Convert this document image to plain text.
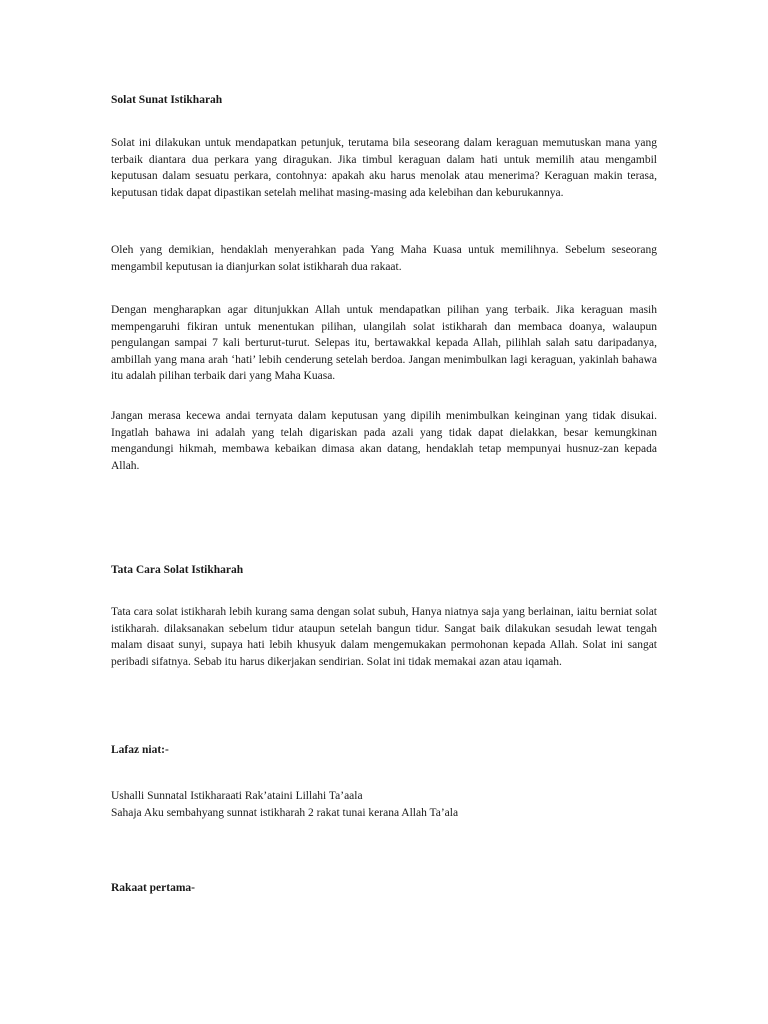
Solat Sunat Istikharah
Solat ini dilakukan untuk mendapatkan petunjuk, terutama bila seseorang dalam keraguan memutuskan mana yang terbaik diantara dua perkara yang diragukan. Jika timbul keraguan dalam hati untuk memilih atau mengambil keputusan dalam sesuatu perkara, contohnya: apakah aku harus menolak atau menerima? Keraguan makin terasa, keputusan tidak dapat dipastikan setelah melihat masing-masing ada kelebihan dan keburukannya.
Oleh yang demikian, hendaklah menyerahkan pada Yang Maha Kuasa untuk memilihnya. Sebelum seseorang mengambil keputusan ia dianjurkan solat istikharah dua rakaat.
Dengan mengharapkan agar ditunjukkan Allah untuk mendapatkan pilihan yang terbaik. Jika keraguan masih mempengaruhi fikiran untuk menentukan pilihan, ulangilah solat istikharah dan membaca doanya, walaupun pengulangan sampai 7 kali berturut-turut. Selepas itu, bertawakkal kepada Allah, pilihlah salah satu daripadanya, ambillah yang mana arah ‘hati’ lebih cenderung setelah berdoa. Jangan menimbulkan lagi keraguan, yakinlah bahawa itu adalah pilihan terbaik dari yang Maha Kuasa.
Jangan merasa kecewa andai ternyata dalam keputusan yang dipilih menimbulkan keinginan yang tidak disukai. Ingatlah bahawa ini adalah yang telah digariskan pada azali yang tidak dapat dielakkan, besar kemungkinan mengandungi hikmah, membawa kebaikan dimasa akan datang, hendaklah tetap mempunyai husnuz-zan kepada Allah.
Tata Cara Solat Istikharah
Tata cara solat istikharah lebih kurang sama dengan solat subuh, Hanya niatnya saja yang berlainan, iaitu berniat solat istikharah. dilaksanakan sebelum tidur ataupun setelah bangun tidur. Sangat baik dilakukan sesudah lewat tengah malam disaat sunyi, supaya hati lebih khusyuk dalam mengemukakan permohonan kepada Allah. Solat ini sangat peribadi sifatnya. Sebab itu harus dikerjakan sendirian. Solat ini tidak memakai azan atau iqamah.
Lafaz niat:-
Ushalli Sunnatal Istikharaati Rak’ataini Lillahi Ta’aala
Sahaja Aku sembahyang sunnat istikharah 2 rakat tunai kerana Allah Ta’ala
Rakaat pertama-
